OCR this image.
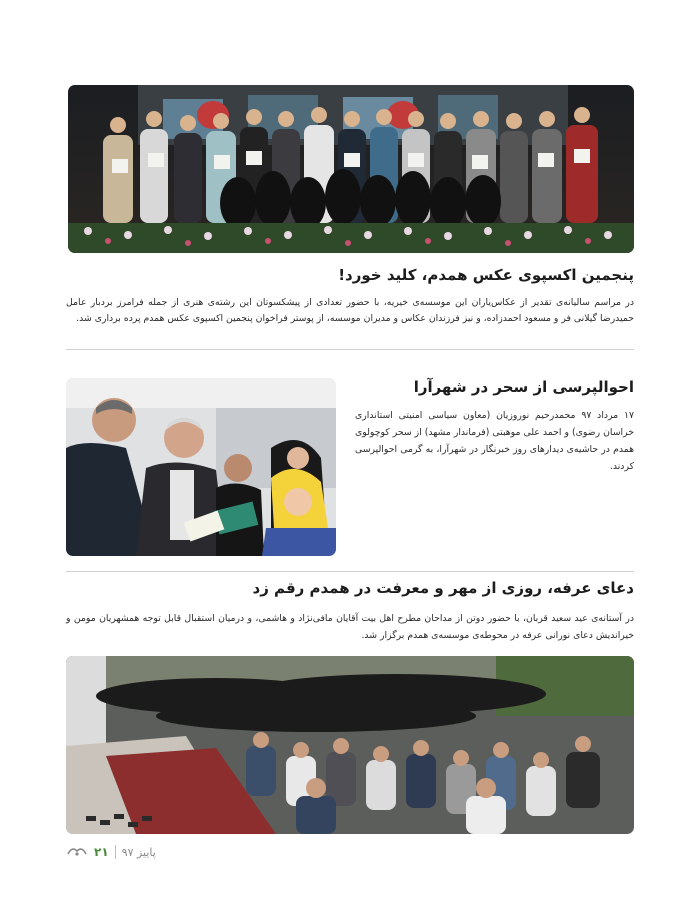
پنجمین اکسپوی عکس همدم، کلید خورد!

در مراسم سالیانه‌ی تقدیر از عکاس‌یاران این موسسه‌ی خیریه، با حضور تعدادی از پیشکسوتان این رشته‌ی هنری از جمله فرامرز بردبار عامل حمیدرضا گیلانی فر و مسعود احمدزاده، و نیز فرزندان عکاس و مدیران موسسه، از پوستر فراخوان پنجمین اکسپوی عکس همدم پرده برداری شد.

احوالپرسی از سحر در شهرآرا

۱۷ مرداد ۹۷ محمدرحیم نوروزیان (معاون سیاسی امنیتی استانداری خراسان رضوی) و احمد علی موهبتی (فرماندار مشهد) از سحر کوچولوی همدم در حاشیه‌ی دیدارهای روز خبرنگار در شهرآرا، به گرمی احوالپرسی کردند.

دعای عرفه، روزی از مهر و معرفت در همدم رقم زد

در آستانه‌ی عید سعید قربان، با حضور دوتن از مداحان مطرح اهل بیت آقایان مافی‌نژاد و هاشمی، و درمیان استقبال قابل توجه همشهریان مومن و خیراندیش دعای نورانی عرفه در محوطه‌ی موسسه‌ی همدم برگزار شد.

۲۱ پاییز ۹۷
